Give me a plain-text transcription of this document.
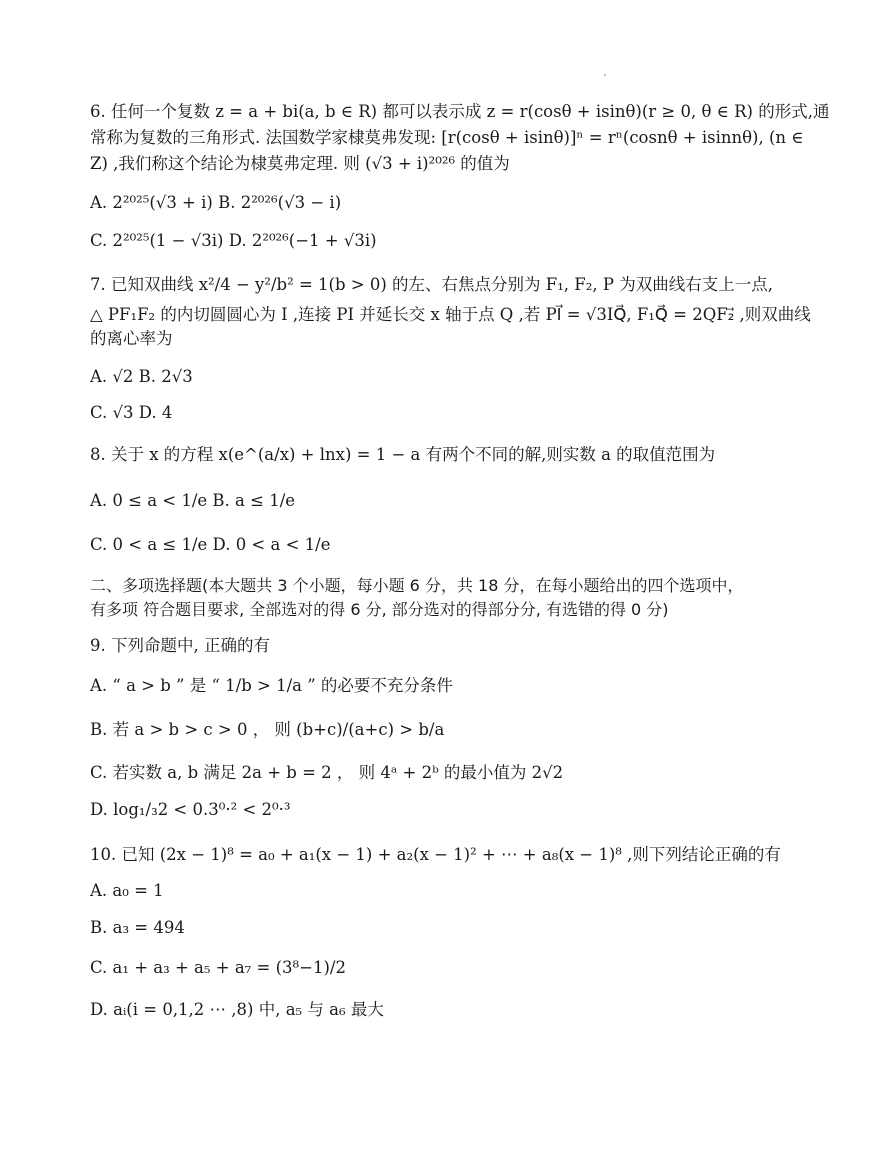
6. 任何一个复数 z = a + bi(a, b ∈ R) 都可以表示成 z = r(cosθ + isinθ)(r ≥ 0, θ ∈ R) 的形式,通
常称为复数的三角形式. 法国数学家棣莫弗发现: [r(cosθ + isinθ)]ⁿ = rⁿ(cosnθ + isinnθ), (n ∈
Z) ,我们称这个结论为棣莫弗定理. 则 (√3 + i)²⁰²⁶ 的值为
A. 2²⁰²⁵(√3 + i) B. 2²⁰²⁶(√3 − i)
C. 2²⁰²⁵(1 − √3i) D. 2²⁰²⁶(−1 + √3i)
7. 已知双曲线 x²/4 − y²/b² = 1(b > 0) 的左、右焦点分别为 F₁, F₂, P 为双曲线右支上一点,
△ PF₁F₂ 的内切圆圆心为 I ,连接 PI 并延长交 x 轴于点 Q ,若 PI⃗ = √3IQ⃗, F₁Q⃗ = 2QF₂⃗ ,则双曲线
的离心率为
A. √2 B. 2√3
C. √3 D. 4
8. 关于 x 的方程 x(e^(a/x) + lnx) = 1 − a 有两个不同的解,则实数 a 的取值范围为
A. 0 ≤ a < 1/e B. a ≤ 1/e
C. 0 < a ≤ 1/e D. 0 < a < 1/e
二、多项选择题(本大题共 3 个小题，每小题 6 分，共 18 分，在每小题给出的四个选项中，
有多项 符合题目要求, 全部选对的得 6 分, 部分选对的得部分分, 有选错的得 0 分)
9. 下列命题中, 正确的有
A. “ a > b ” 是 “ 1/b > 1/a ” 的必要不充分条件
B. 若 a > b > c > 0 ， 则 (b+c)/(a+c) > b/a
C. 若实数 a, b 满足 2a + b = 2 ， 则 4ᵃ + 2ᵇ 的最小值为 2√2
D. log₁/₃2 < 0.3⁰·² < 2⁰·³
10. 已知 (2x − 1)⁸ = a₀ + a₁(x − 1) + a₂(x − 1)² + ⋯ + a₈(x − 1)⁸ ,则下列结论正确的有
A. a₀ = 1
B. a₃ = 494
C. a₁ + a₃ + a₅ + a₇ = (3⁸−1)/2
D. aᵢ(i = 0,1,2 ⋯ ,8) 中, a₅ 与 a₆ 最大
